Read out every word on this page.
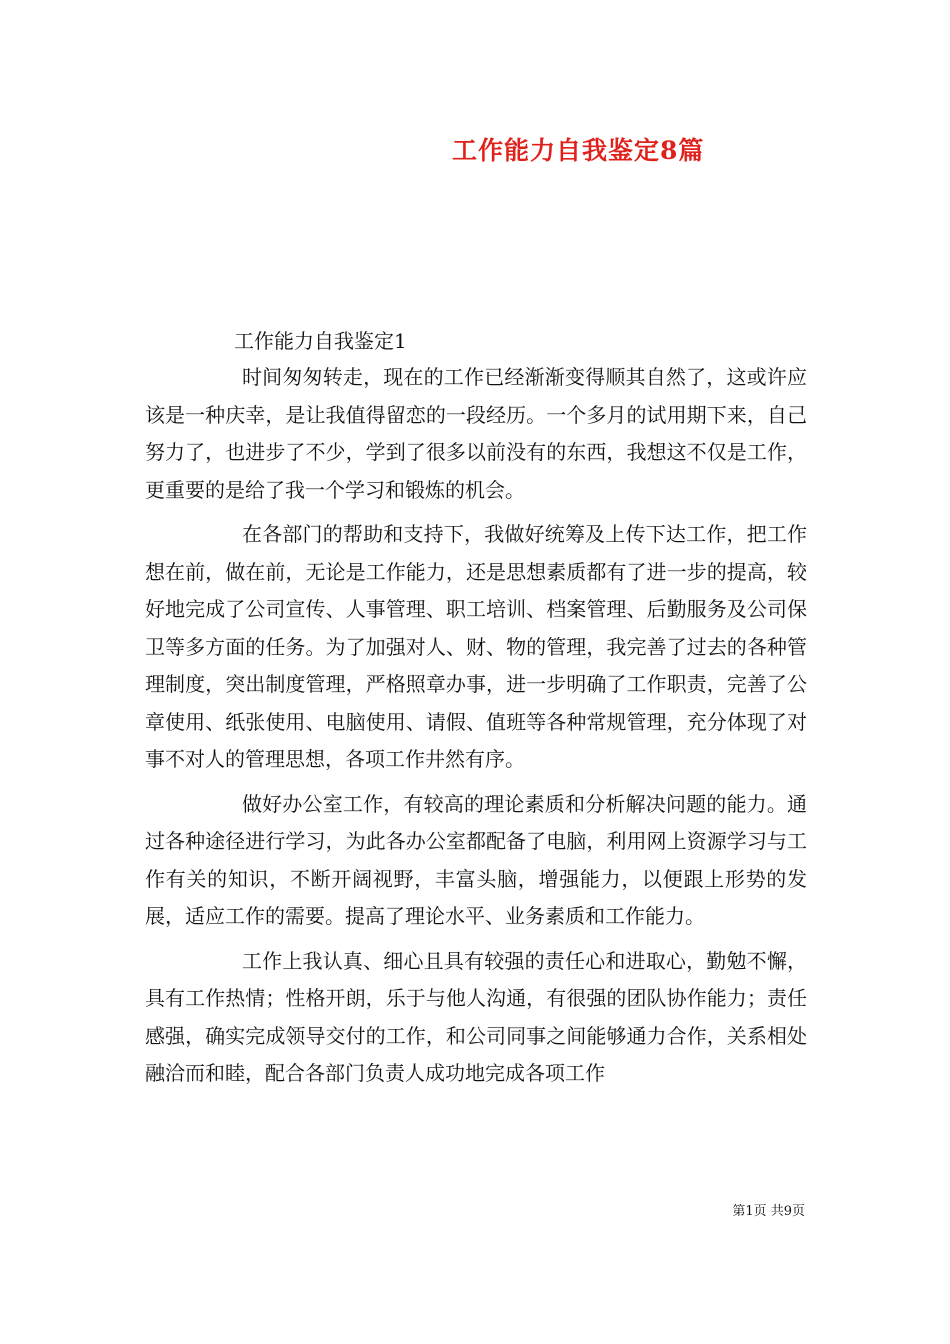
工作能力自我鉴定8篇
工作能力自我鉴定1

时间匆匆转走，现在的工作已经渐渐变得顺其自然了，这或许应该是一种庆幸，是让我值得留恋的一段经历。一个多月的试用期下来，自己努力了，也进步了不少，学到了很多以前没有的东西，我想这不仅是工作，更重要的是给了我一个学习和锻炼的机会。

在各部门的帮助和支持下，我做好统筹及上传下达工作，把工作想在前，做在前，无论是工作能力，还是思想素质都有了进一步的提高，较好地完成了公司宣传、人事管理、职工培训、档案管理、后勤服务及公司保卫等多方面的任务。为了加强对人、财、物的管理，我完善了过去的各种管理制度，突出制度管理，严格照章办事，进一步明确了工作职责，完善了公章使用、纸张使用、电脑使用、请假、值班等各种常规管理，充分体现了对事不对人的管理思想，各项工作井然有序。

做好办公室工作，有较高的理论素质和分析解决问题的能力。通过各种途径进行学习，为此各办公室都配备了电脑，利用网上资源学习与工作有关的知识，不断开阔视野，丰富头脑，增强能力，以便跟上形势的发展，适应工作的需要。提高了理论水平、业务素质和工作能力。

工作上我认真、细心且具有较强的责任心和进取心，勤勉不懈，具有工作热情；性格开朗，乐于与他人沟通，有很强的团队协作能力；责任感强，确实完成领导交付的工作，和公司同事之间能够通力合作，关系相处融洽而和睦，配合各部门负责人成功地完成各项工作

第1页 共9页
